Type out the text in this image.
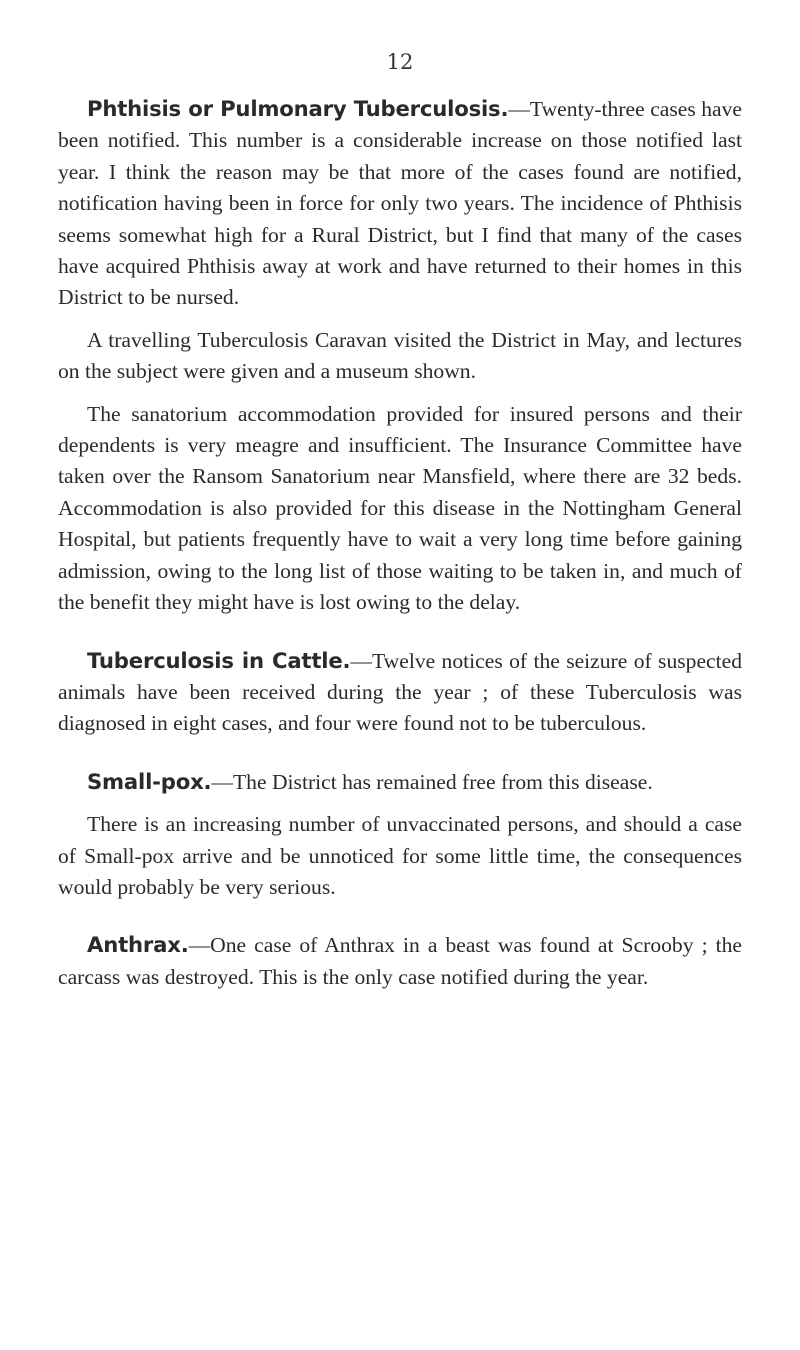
12

Phthisis or Pulmonary Tuberculosis.—Twenty-three cases have been notified. This number is a considerable increase on those notified last year. I think the reason may be that more of the cases found are notified, notification having been in force for only two years. The incidence of Phthisis seems somewhat high for a Rural District, but I find that many of the cases have acquired Phthisis away at work and have returned to their homes in this District to be nursed.

A travelling Tuberculosis Caravan visited the District in May, and lectures on the subject were given and a museum shown.

The sanatorium accommodation provided for insured persons and their dependents is very meagre and insufficient. The Insurance Committee have taken over the Ransom Sanatorium near Mansfield, where there are 32 beds. Accommodation is also provided for this disease in the Nottingham General Hospital, but patients frequently have to wait a very long time before gaining admission, owing to the long list of those waiting to be taken in, and much of the benefit they might have is lost owing to the delay.

Tuberculosis in Cattle.—Twelve notices of the seizure of suspected animals have been received during the year ; of these Tuberculosis was diagnosed in eight cases, and four were found not to be tuberculous.

Small-pox.—The District has remained free from this disease.

There is an increasing number of unvaccinated persons, and should a case of Small-pox arrive and be unnoticed for some little time, the consequences would probably be very serious.

Anthrax.—One case of Anthrax in a beast was found at Scrooby ; the carcass was destroyed. This is the only case notified during the year.
